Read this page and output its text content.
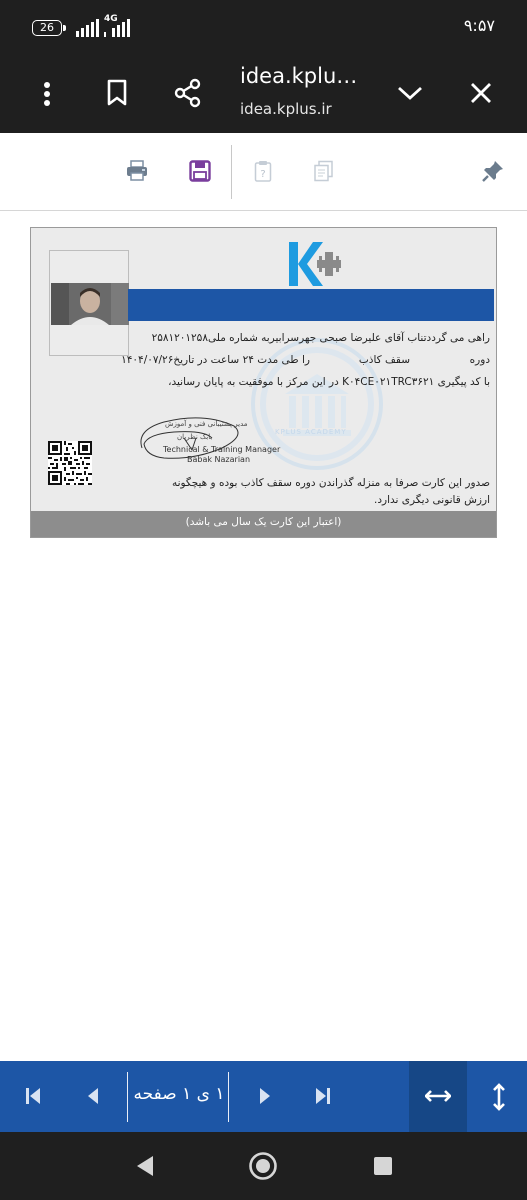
26
4G	۹:۵۷
idea.kplu…
idea.kplus.ir
?
KPLUS ACADEMY
راهی می گرددتناب آقای علیرضا صبحی جهرسرابیربه شماره ملی۲۵۸۱۲۰۱۲۵۸
دوره
سقف کاذب
را طی مدت ۲۴ ساعت در تاریخ۱۴۰۴/۰۷/۲۶
با کد پیگیری K۰۴CE۰۲۱TRC۳۶۲۱ در این مرکز با موفقیت به پایان رسانید،
مدیر پشتیبانی فنی و آموزش
بابک نظریان
Technical & Training Manager
Babak Nazarian
صدور این کارت صرفا به منزله گذراندن دوره سقف کاذب بوده و هیچگونه
ارزش قانونی دیگری ندارد.
(اعتبار این کارت یک سال می باشد)
۱ ی ۱ صفحه
